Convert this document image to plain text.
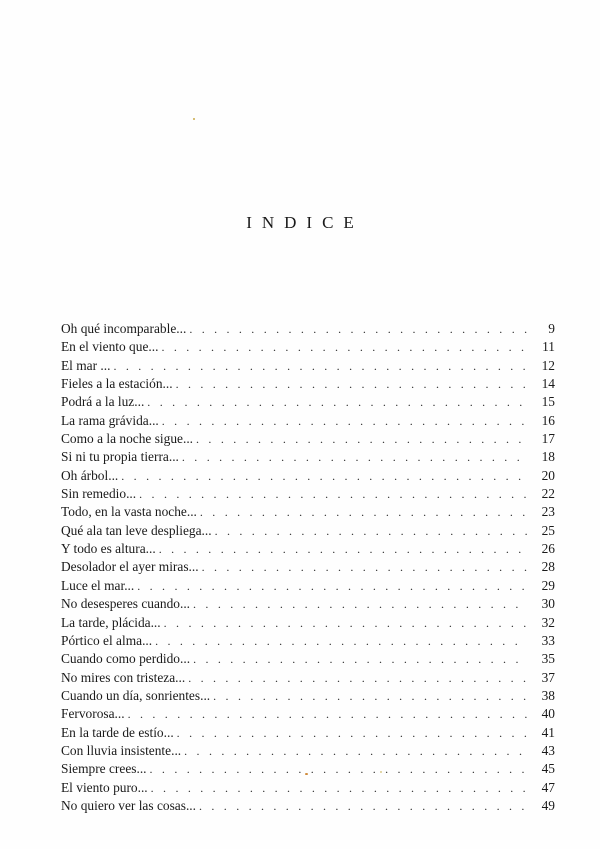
INDICE
Oh qué incomparable... . . .	9
En el viento que... . . .	11
El mar ... . . .	12
Fieles a la estación... . . .	14
Podrá a la luz... . . .	15
La rama grávida... . . .	16
Como a la noche sigue... . . .	17
Si ni tu propia tierra... . . .	18
Oh árbol... . . .	20
Sin remedio... . . .	22
Todo, en la vasta noche... . . .	23
Qué ala tan leve despliega... . . .	25
Y todo es altura... . . .	26
Desolador el ayer miras... . . .	28
Luce el mar... . . .	29
No desesperes cuando... . . .	30
La tarde, plácida... . . .	32
Pórtico el alma... . . .	33
Cuando como perdido... . . .	35
No mires con tristeza... . . .	37
Cuando un día, sonrientes... . . .	38
Fervorosa... . . .	40
En la tarde de estío... . . .	41
Con lluvia insistente... . . .	43
Siempre crees... . . .	45
El viento puro... . . .	47
No quiero ver las cosas... . . .	49
